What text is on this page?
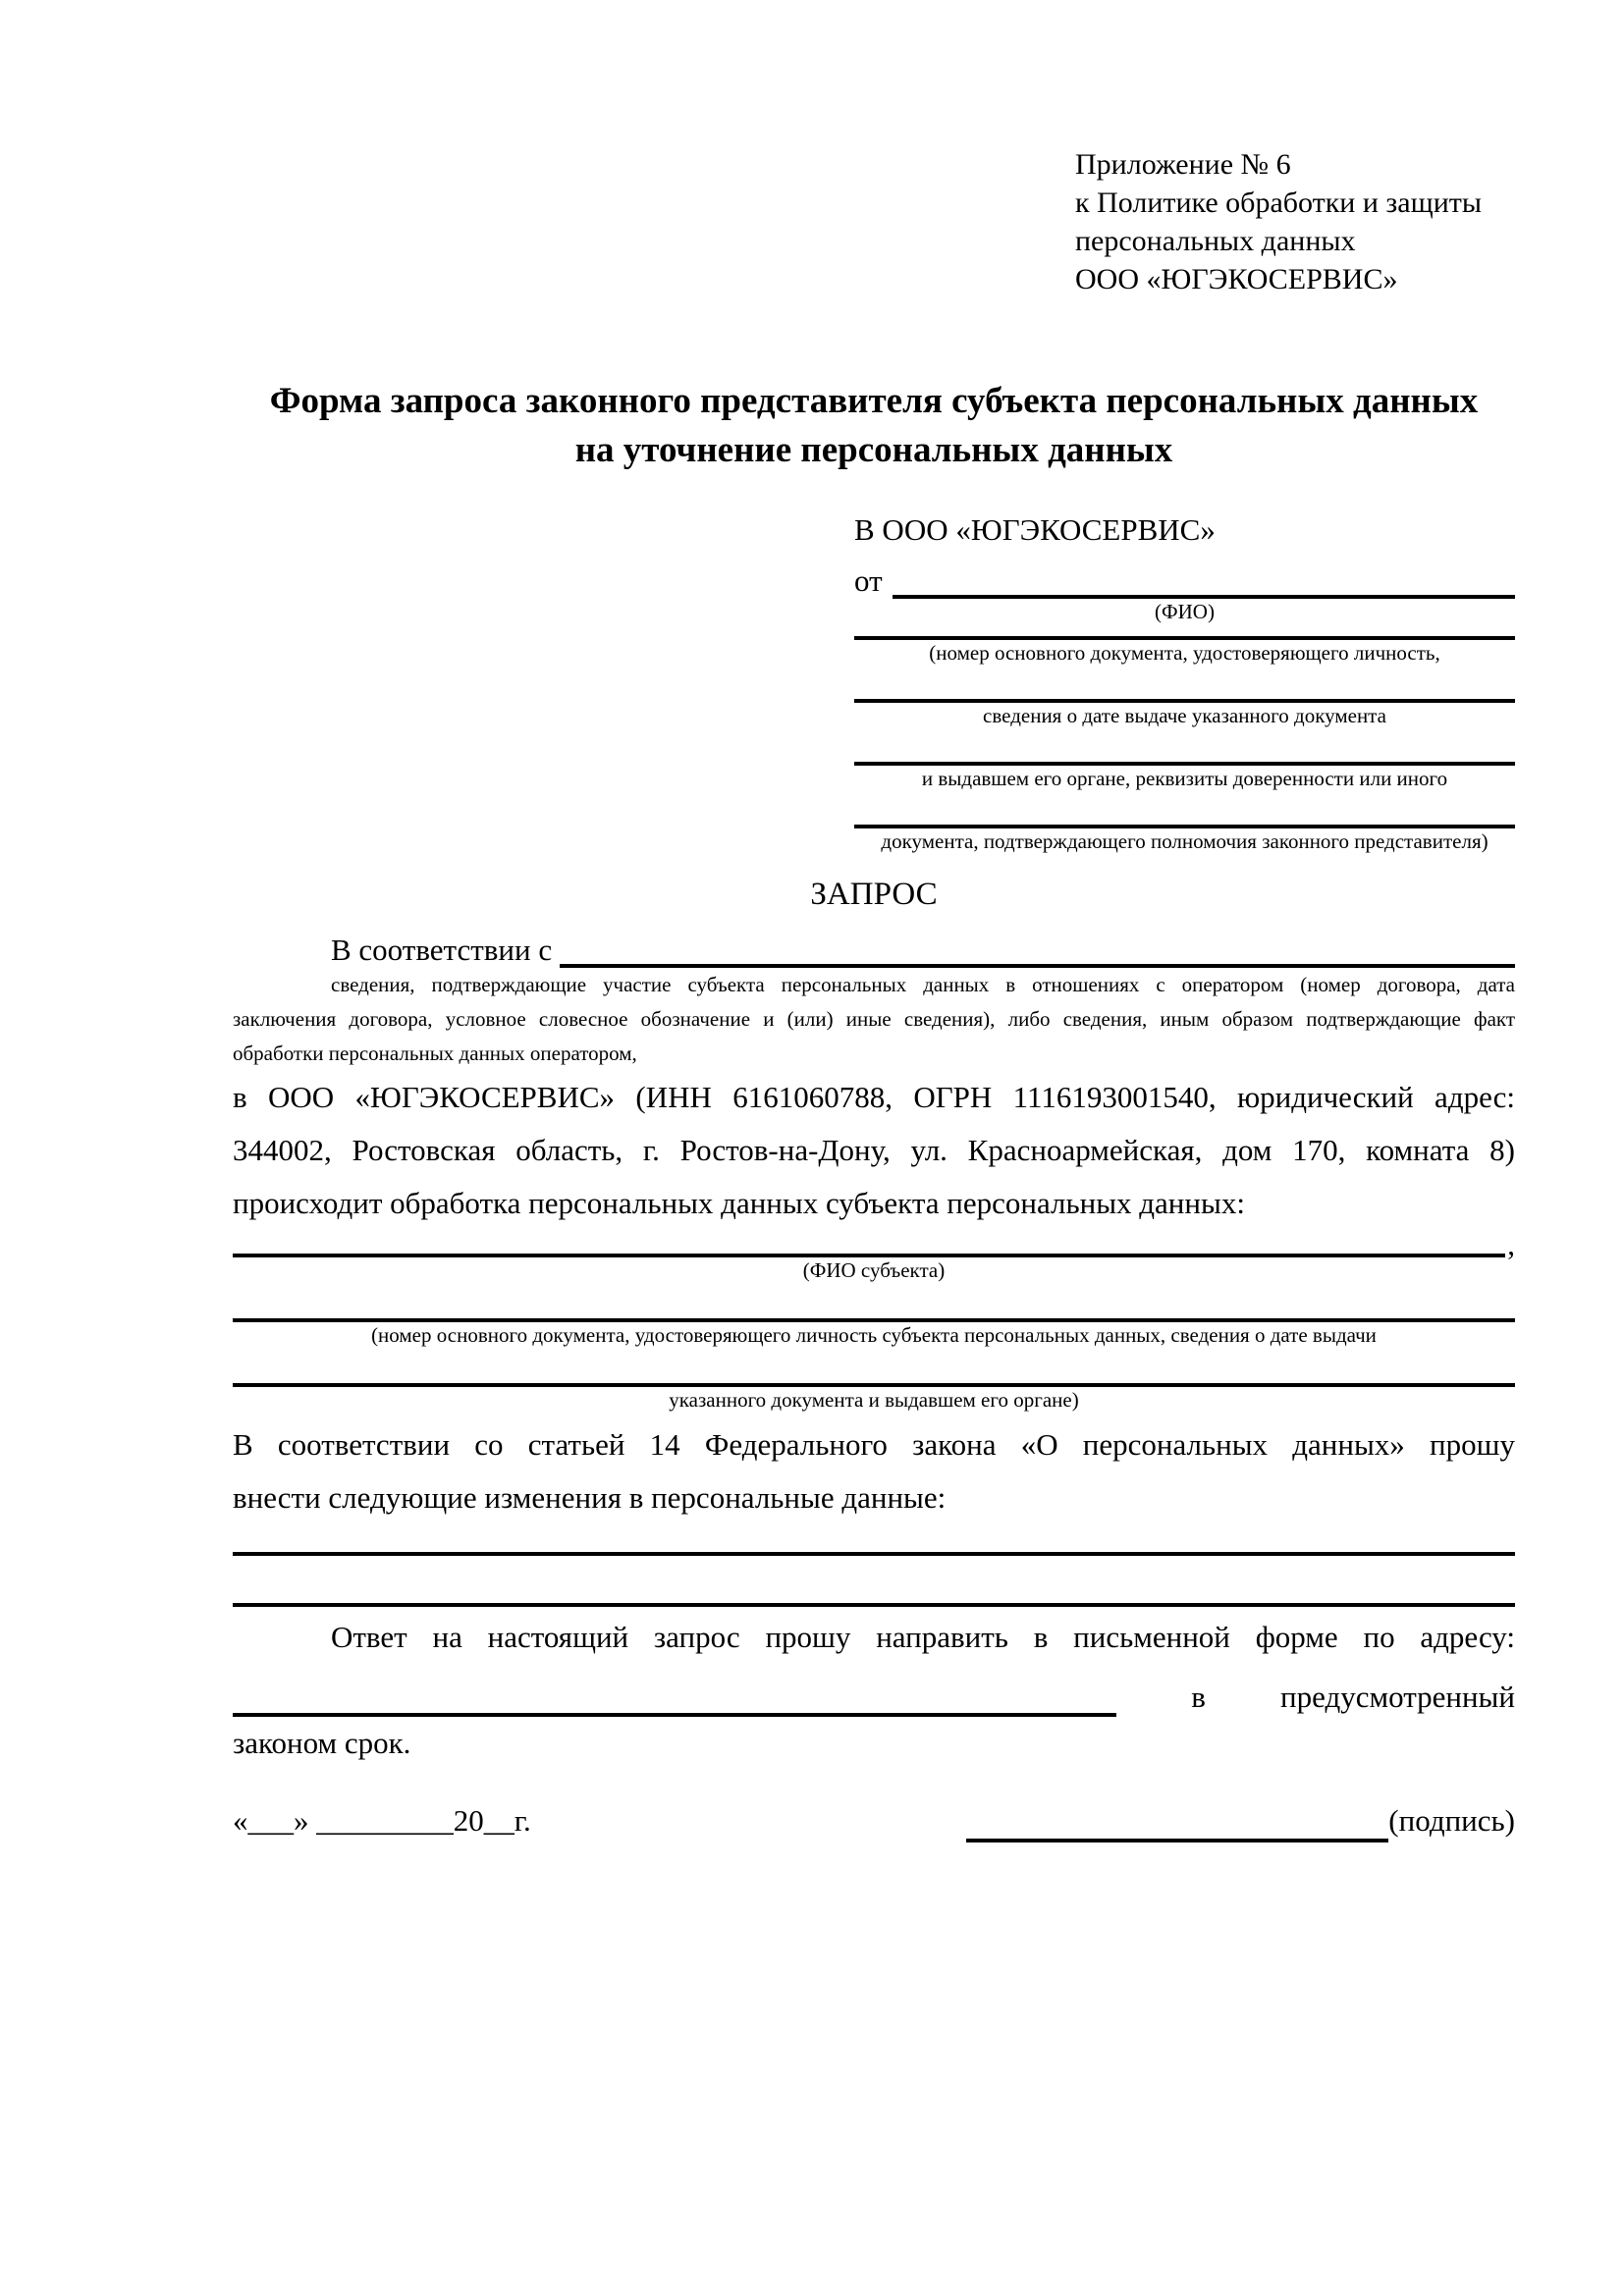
Приложение № 6
к Политике обработки и защиты
персональных данных
ООО «ЮГЭКОСЕРВИС»
Форма запроса законного представителя субъекта персональных данных
на уточнение персональных данных
В ООО «ЮГЭКОСЕРВИС»
от
(ФИО)
(номер основного документа, удостоверяющего личность,
сведения о дате выдаче указанного документа
и выдавшем его органе, реквизиты доверенности или иного
документа, подтверждающего полномочия законного представителя)
ЗАПРОС
В соответствии с
сведения, подтверждающие участие субъекта персональных данных в отношениях с оператором (номер договора, дата
заключения договора, условное словесное обозначение и (или) иные сведения), либо сведения, иным образом подтверждающие факт
обработки персональных данных оператором,
в ООО «ЮГЭКОСЕРВИС» (ИНН 6161060788, ОГРН 1116193001540, юридический адрес:
344002, Ростовская область, г. Ростов-на-Дону, ул. Красноармейская, дом 170, комната 8)
происходит обработка персональных данных субъекта персональных данных:
,
(ФИО субъекта)
(номер основного документа, удостоверяющего личность субъекта персональных данных, сведения о дате выдачи
указанного документа и выдавшем его органе)
В соответствии со статьей 14 Федерального закона «О персональных данных» прошу
внести следующие изменения в персональные данные:
Ответ на настоящий запрос прошу направить в письменной форме по адресу:
в предусмотренный
законом срок.
«___» _________20__г.	(подпись)
